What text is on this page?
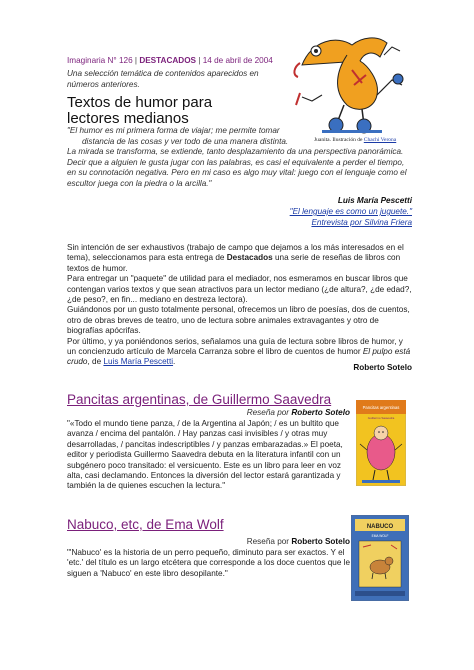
Imaginaria N° 126 | DESTACADOS | 14 de abril de 2004
Una selección temática de contenidos aparecidos en números anteriores.
Textos de humor para lectores medianos
Juanita. Ilustración de Chachi Verona

"El humor es mi primera forma de viajar; me permite tomar

distancia de las cosas y ver todo de una manera distinta.

La mirada se transforma, se extiende, tanto desplazamiento da una perspectiva panorámica. Decir que a alguien le gusta jugar con las palabras, es casi el equivalente a perder el tiempo, en su connotación negativa. Pero en mi caso es algo muy vital: juego con el lenguaje como el escultor juega con la piedra o la arcilla."

Luis María Pescetti
"El lenguaje es como un juguete."
Entrevista por Silvina Friera

Sin intención de ser exhaustivos (trabajo de campo que dejamos a los más interesados en el tema), seleccionamos para esta entrega de Destacados una serie de reseñas de libros con textos de humor.

Para entregar un "paquete" de utilidad para el mediador, nos esmeramos en buscar libros que contengan varios textos y que sean atractivos para un lector mediano (¿de altura?, ¿de edad?, ¿de peso?, en fin... mediano en destreza lectora).

Guiándonos por un gusto totalmente personal, ofrecemos un libro de poesías, dos de cuentos, otro de obras breves de teatro, uno de lectura sobre animales extravagantes y otro de biografías apócrifas.

Por último, y ya poniéndonos serios, señalamos una guía de lectura sobre libros de humor, y un concienzudo artículo de Marcela Carranza sobre el libro de cuentos de humor El pulpo está crudo, de Luis María Pescetti.

Roberto Sotelo
Pancitas argentinas, de Guillermo Saavedra
Reseña por Roberto Sotelo
"«Todo el mundo tiene panza, / de la Argentina al Japón; / es un bultito que avanza / encima del pantalón. / Hay panzas casi invisibles / y otras muy desarrolladas, / pancitas indescriptibles / y panzas embarazadas.» El poeta, editor y periodista Guillermo Saavedra debuta en la literatura infantil con un subgénero poco transitado: el versicuento. Este es un libro para leer en voz alta, casi declamando. Entonces la diversión del lector estará garantizada y también la de quienes escuchen la lectura."
Pancitas argentinas
Guillermo Saavedra
Nabuco, etc, de Ema Wolf
Reseña por Roberto Sotelo
"'Nabuco' es la historia de un perro pequeño, diminuto para ser exactos. Y el 'etc.' del título es un largo etcétera que corresponde a los doce cuentos que le siguen a 'Nabuco' en este libro desopilante."
NABUCO
EMA WOLF
